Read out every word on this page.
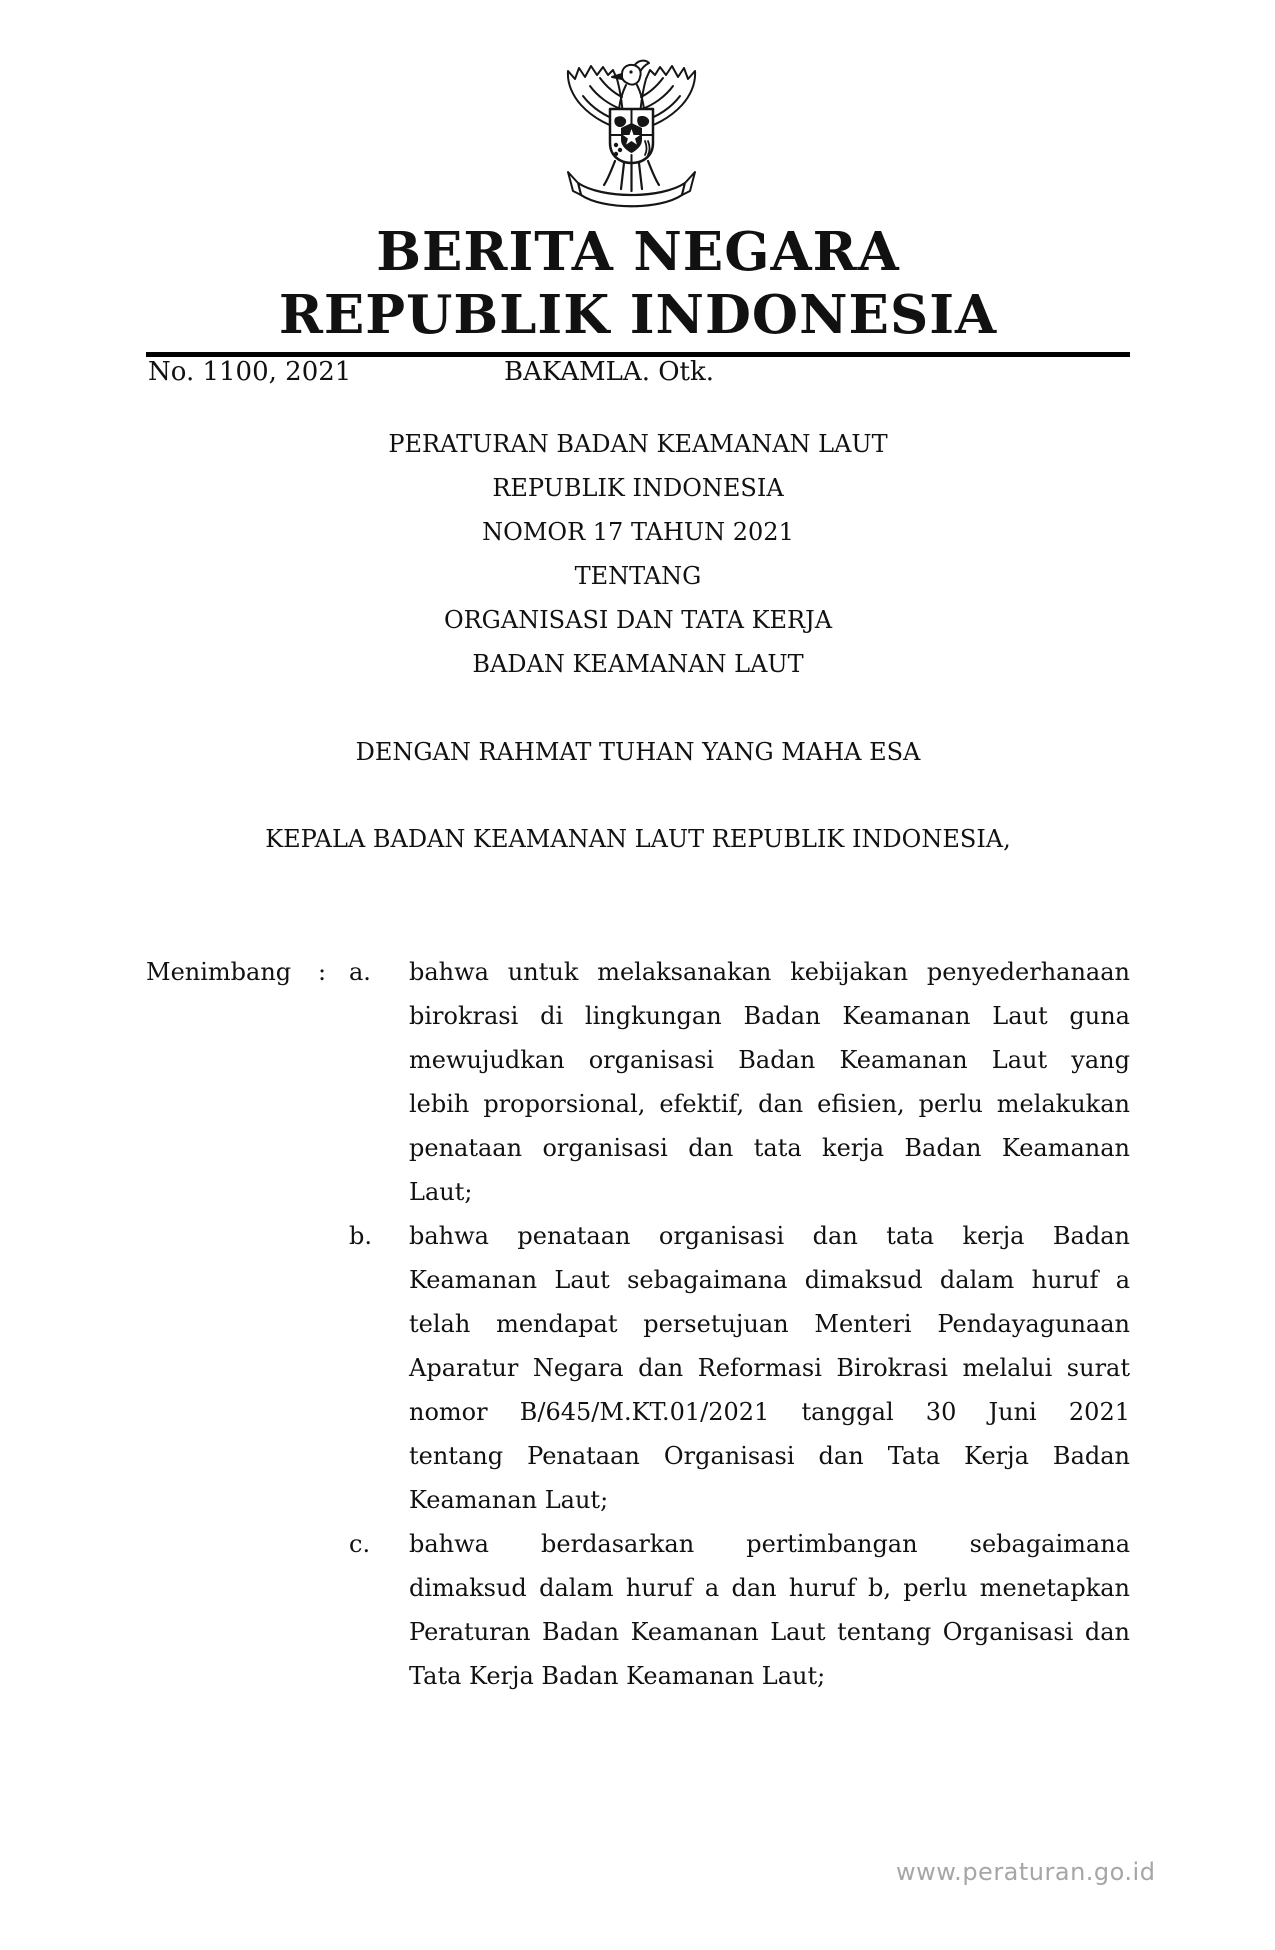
BERITA NEGARA
REPUBLIK INDONESIA
No. 1100, 2021	BAKAMLA. Otk.
PERATURAN BADAN KEAMANAN LAUT
REPUBLIK INDONESIA
NOMOR 17 TAHUN 2021
TENTANG
ORGANISASI DAN TATA KERJA
BADAN KEAMANAN LAUT
DENGAN RAHMAT TUHAN YANG MAHA ESA
KEPALA BADAN KEAMANAN LAUT REPUBLIK INDONESIA,
Menimbang	: a.	bahwa untuk melaksanakan kebijakan penyederhanaan
birokrasi di lingkungan Badan Keamanan Laut guna
mewujudkan organisasi Badan Keamanan Laut yang
lebih proporsional, efektif, dan efisien, perlu melakukan
penataan organisasi dan tata kerja Badan Keamanan
Laut;
b.	bahwa penataan organisasi dan tata kerja Badan
Keamanan Laut sebagaimana dimaksud dalam huruf a
telah mendapat persetujuan Menteri Pendayagunaan
Aparatur Negara dan Reformasi Birokrasi melalui surat
nomor B/645/M.KT.01/2021 tanggal 30 Juni 2021
tentang Penataan Organisasi dan Tata Kerja Badan
Keamanan Laut;
c.	bahwa berdasarkan pertimbangan sebagaimana
dimaksud dalam huruf a dan huruf b, perlu menetapkan
Peraturan Badan Keamanan Laut tentang Organisasi dan
Tata Kerja Badan Keamanan Laut;
www.peraturan.go.id
